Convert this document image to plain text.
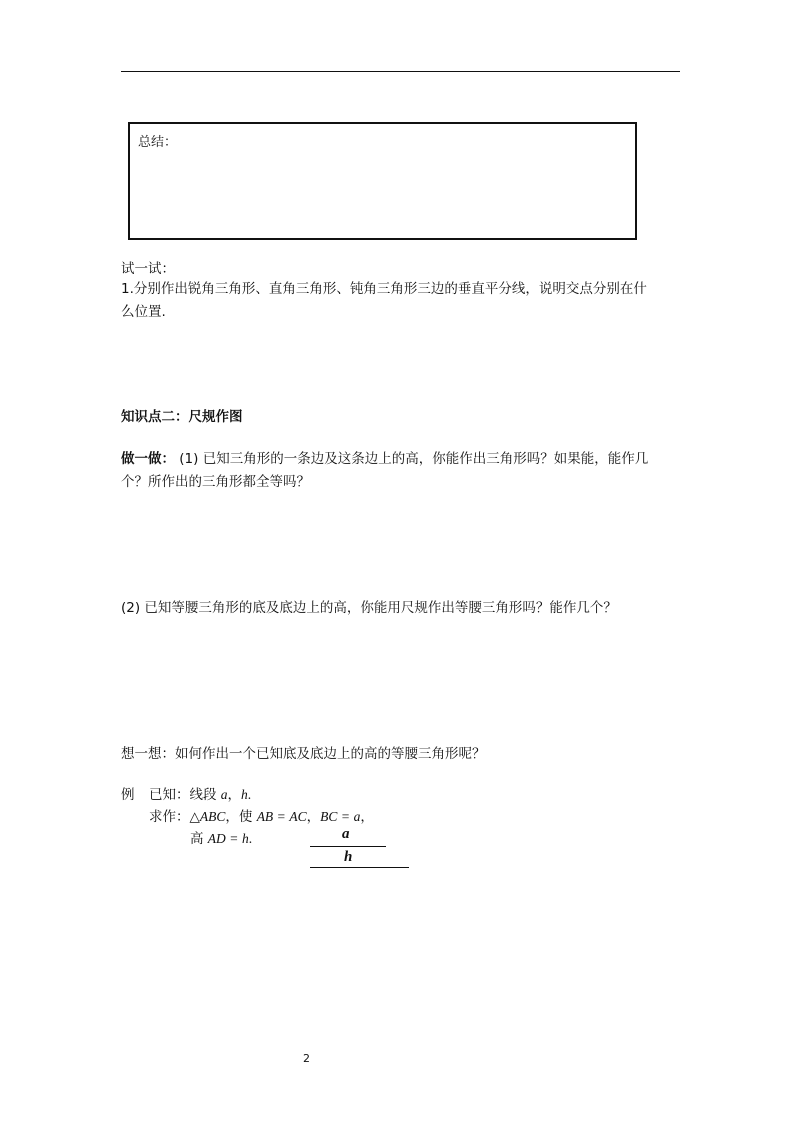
总结：
试一试：
1.分别作出锐角三角形、直角三角形、钝角三角形三边的垂直平分线，说明交点分别在什
么位置.
知识点二：尺规作图
做一做： (1) 已知三角形的一条边及这条边上的高，你能作出三角形吗？如果能，能作几
个？所作出的三角形都全等吗？
(2) 已知等腰三角形的底及底边上的高，你能用尺规作出等腰三角形吗？能作几个？
想一想：如何作出一个已知底及底边上的高的等腰三角形呢？
例 已知：线段 a，h.
求作：△ABC，使 AB = AC，BC = a，
高 AD = h.	a
h
2
